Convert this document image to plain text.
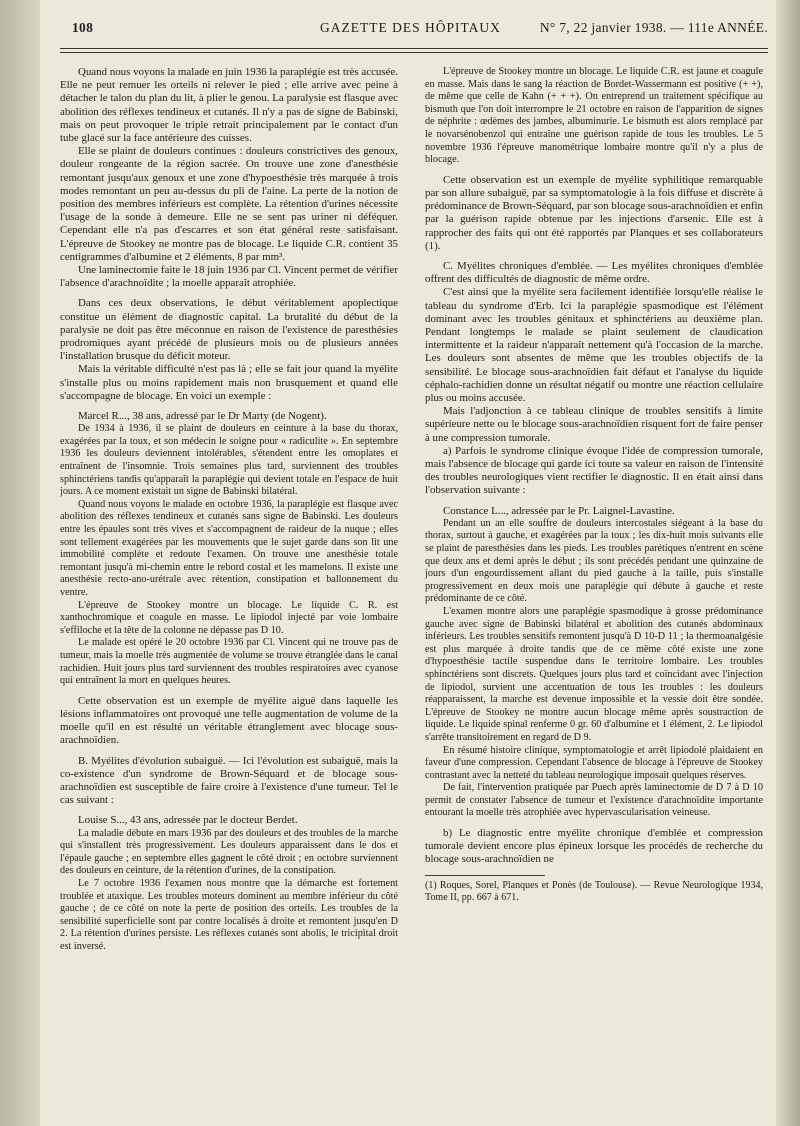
108	GAZETTE DES HÔPITAUX	N° 7, 22 janvier 1938. — 111e ANNÉE.

Quand nous voyons la malade en juin 1936 la paraplégie est très accusée. Elle ne peut remuer les orteils ni relever le pied ; elle arrive avec peine à détacher le talon du plan du lit, à plier le genou. La paralysie est flasque avec abolition des réflexes tendineux et cutanés. Il n'y a pas de signe de Babinski, mais on peut provoquer le triple retrait principalement par le contact d'un tube glacé sur la face antérieure des cuisses.

Elle se plaint de douleurs continues : douleurs constrictives des genoux, douleur rongeante de la région sacrée. On trouve une zone d'anesthésie remontant jusqu'aux genoux et une zone d'hypoesthésie très marquée à trois modes remontant un peu au-dessus du pli de l'aine. La perte de la notion de position des membres inférieurs est complète. La rétention d'urines nécessite l'usage de la sonde à demeure. Elle ne se sent pas uriner ni déféquer. Cependant elle n'a pas d'escarres et son état général reste satisfaisant. L'épreuve de Stookey ne montre pas de blocage. Le liquide C.R. contient 35 centigrammes d'albumine et 2 éléments, 8 par mm³.

Une laminectomie faite le 18 juin 1936 par Cl. Vincent permet de vérifier l'absence d'arachnoïdite ; la moelle apparaît atrophiée.

Dans ces deux observations, le début véritablement apoplectique constitue un élément de diagnostic capital. La brutalité du début de la paralysie ne doit pas être méconnue en raison de l'existence de paresthésies prodromiques ayant précédé de plusieurs mois ou de plusieurs années l'installation brusque du déficit moteur.

Mais la véritable difficulté n'est pas là ; elle se fait jour quand la myélite s'installe plus ou moins rapidement mais non brusquement et quand elle s'accompagne de blocage. En voici un exemple :

Marcel R..., 38 ans, adressé par le Dr Marty (de Nogent).

De 1934 à 1936, il se plaint de douleurs en ceinture à la base du thorax, exagérées par la toux, et son médecin le soigne pour « radiculite ». En septembre 1936 les douleurs deviennent intolérables, s'étendent entre les omoplates et entraînent de l'insomnie. Trois semaines plus tard, surviennent des troubles sphinctériens tandis qu'apparaît la paraplégie qui devient totale en l'espace de huit jours. A ce moment existait un signe de Babinski bilatéral.

Quand nous voyons le malade en octobre 1936, la paraplégie est flasque avec abolition des réflexes tendineux et cutanés sans signe de Babinski. Les douleurs entre les épaules sont très vives et s'accompagnent de raideur de la nuque ; elles sont tellement exagérées par les mouvements que le sujet garde dans son lit une immobilité complète et redoute l'examen. On trouve une anesthésie totale remontant jusqu'à mi-chemin entre le rebord costal et les mamelons. Il existe une anesthésie recto-ano-urétrale avec rétention, constipation et ballonnement du ventre.

L'épreuve de Stookey montre un blocage. Le liquide C. R. est xanthochromique et coagule en masse. Le lipiodol injecté par voie lombaire s'effiloche et la tête de la colonne ne dépasse pas D 10.

Le malade est opéré le 20 octobre 1936 par Cl. Vincent qui ne trouve pas de tumeur, mais la moelle très augmentée de volume se trouve étranglée dans le canal rachidien. Huit jours plus tard surviennent des troubles respiratoires avec cyanose qui entraînent la mort en quelques heures.

Cette observation est un exemple de myélite aiguë dans laquelle les lésions inflammatoires ont provoqué une telle augmentation de volume de la moelle qu'il en est résulté un véritable étranglement avec blocage sous-arachnoïdien.

B. Myélites d'évolution subaiguë. — Ici l'évolution est subaiguë, mais la co-existence d'un syndrome de Brown-Séquard et de blocage sous-arachnoïdien est susceptible de faire croire à l'existence d'une tumeur. Tel le cas suivant :

Louise S..., 43 ans, adressée par le docteur Berdet.

La maladie débute en mars 1936 par des douleurs et des troubles de la marche qui s'installent très progressivement. Les douleurs apparaissent dans le dos et l'épaule gauche ; en septembre elles gagnent le côté droit ; en octobre surviennent des douleurs en ceinture, de la rétention d'urines, de la constipation.

Le 7 octobre 1936 l'examen nous montre que la démarche est fortement troublée et ataxique. Les troubles moteurs dominent au membre inférieur du côté gauche ; de ce côté on note la perte de position des orteils. Les troubles de la sensibilité superficielle sont par contre localisés à droite et remontent jusqu'en D 2. La rétention d'urines persiste. Les réflexes cutanés sont abolis, le tricipital droit est inversé.

L'épreuve de Stookey montre un blocage. Le liquide C.R. est jaune et coagule en masse. Mais dans le sang la réaction de Bordet-Wassermann est positive (+ +), de même que celle de Kahn (+ + +). On entreprend un traitement spécifique au bismuth que l'on doit interrompre le 21 octobre en raison de l'apparition de signes de néphrite : œdèmes des jambes, albuminurie. Le bismuth est alors remplacé par le novarsénobenzol qui entraîne une guérison rapide de tous les troubles. Le 5 novembre 1936 l'épreuve manométrique lombaire montre qu'il n'y a plus de blocage.

Cette observation est un exemple de myélite syphilitique remarquable par son allure subaiguë, par sa symptomatologie à la fois diffuse et discrète à prédominance de Brown-Séquard, par son blocage sous-arachnoïdien et enfin par la guérison rapide obtenue par les injections d'arsenic. Elle est à rapprocher des faits qui ont été rapportés par Planques et ses collaborateurs (1).

C. Myélites chroniques d'emblée. — Les myélites chroniques d'emblée offrent des difficultés de diagnostic de même ordre.

C'est ainsi que la myélite sera facilement identifiée lorsqu'elle réalise le tableau du syndrome d'Erb. Ici la paraplégie spasmodique est l'élément dominant avec les troubles génitaux et sphinctériens au deuxième plan. Pendant longtemps le malade se plaint seulement de claudication intermittente et la raideur n'apparaît nettement qu'à l'occasion de la marche. Les douleurs sont absentes de même que les troubles objectifs de la sensibilité. Le blocage sous-arachnoïdien fait défaut et l'analyse du liquide céphalo-rachidien donne un résultat négatif ou montre une réaction cellulaire plus ou moins accusée.

Mais l'adjonction à ce tableau clinique de troubles sensitifs à limite supérieure nette ou le blocage sous-arachnoïdien risquent fort de faire penser à une compression tumorale.

a) Parfois le syndrome clinique évoque l'idée de compression tumorale, mais l'absence de blocage qui garde ici toute sa valeur en raison de l'intensité des troubles neurologiques vient rectifier le diagnostic. Il en était ainsi dans l'observation suivante :

Constance L..., adressée par le Pr. Laignel-Lavastine.

Pendant un an elle souffre de douleurs intercostales siégeant à la base du thorax, surtout à gauche, et exagérées par la toux ; les dix-huit mois suivants elle se plaint de paresthésies dans les pieds. Les troubles parétiques n'entrent en scène que deux ans et demi après le début ; ils sont précédés pendant une quinzaine de jours d'un engourdissement allant du pied gauche à la taille, puis s'installe progressivement en deux mois une paraplégie qui débute à gauche et reste prédominante de ce côté.

L'examen montre alors une paraplégie spasmodique à grosse prédominance gauche avec signe de Babinski bilatéral et abolition des cutanés abdominaux inférieurs. Les troubles sensitifs remontent jusqu'à D 10-D 11 ; la thermoanalgésie est plus marquée à droite tandis que de ce même côté existe une zone d'hypoesthésie tactile suspendue dans le territoire lombaire. Les troubles sphinctériens sont discrets. Quelques jours plus tard et coïncidant avec l'injection de lipiodol, survient une accentuation de tous les troubles : les douleurs réapparaissent, la marche est devenue impossible et la vessie doit être sondée. L'épreuve de Stookey ne montre aucun blocage même après soustraction de liquide. Le liquide spinal renferme 0 gr. 60 d'albumine et 1 élément, 2. Le lipiodol s'arrête transitoirement en regard de D 9.

En résumé histoire clinique, symptomatologie et arrêt lipiodolé plaidaient en faveur d'une compression. Cependant l'absence de blocage à l'épreuve de Stookey contrastant avec la netteté du tableau neurologique imposait quelques réserves.

De fait, l'intervention pratiquée par Puech après laminectomie de D 7 à D 10 permit de constater l'absence de tumeur et l'existence d'arachnoïdite importante entourant la moelle très atrophiée avec hypervascularisation veineuse.

b) Le diagnostic entre myélite chronique d'emblée et compression tumorale devient encore plus épineux lorsque les procédés de recherche du blocage sous-arachnoïdien ne

(1) Roques, Sorel, Planques et Ponès (de Toulouse). — Revue Neurologique 1934, Tome II, pp. 667 à 671.
